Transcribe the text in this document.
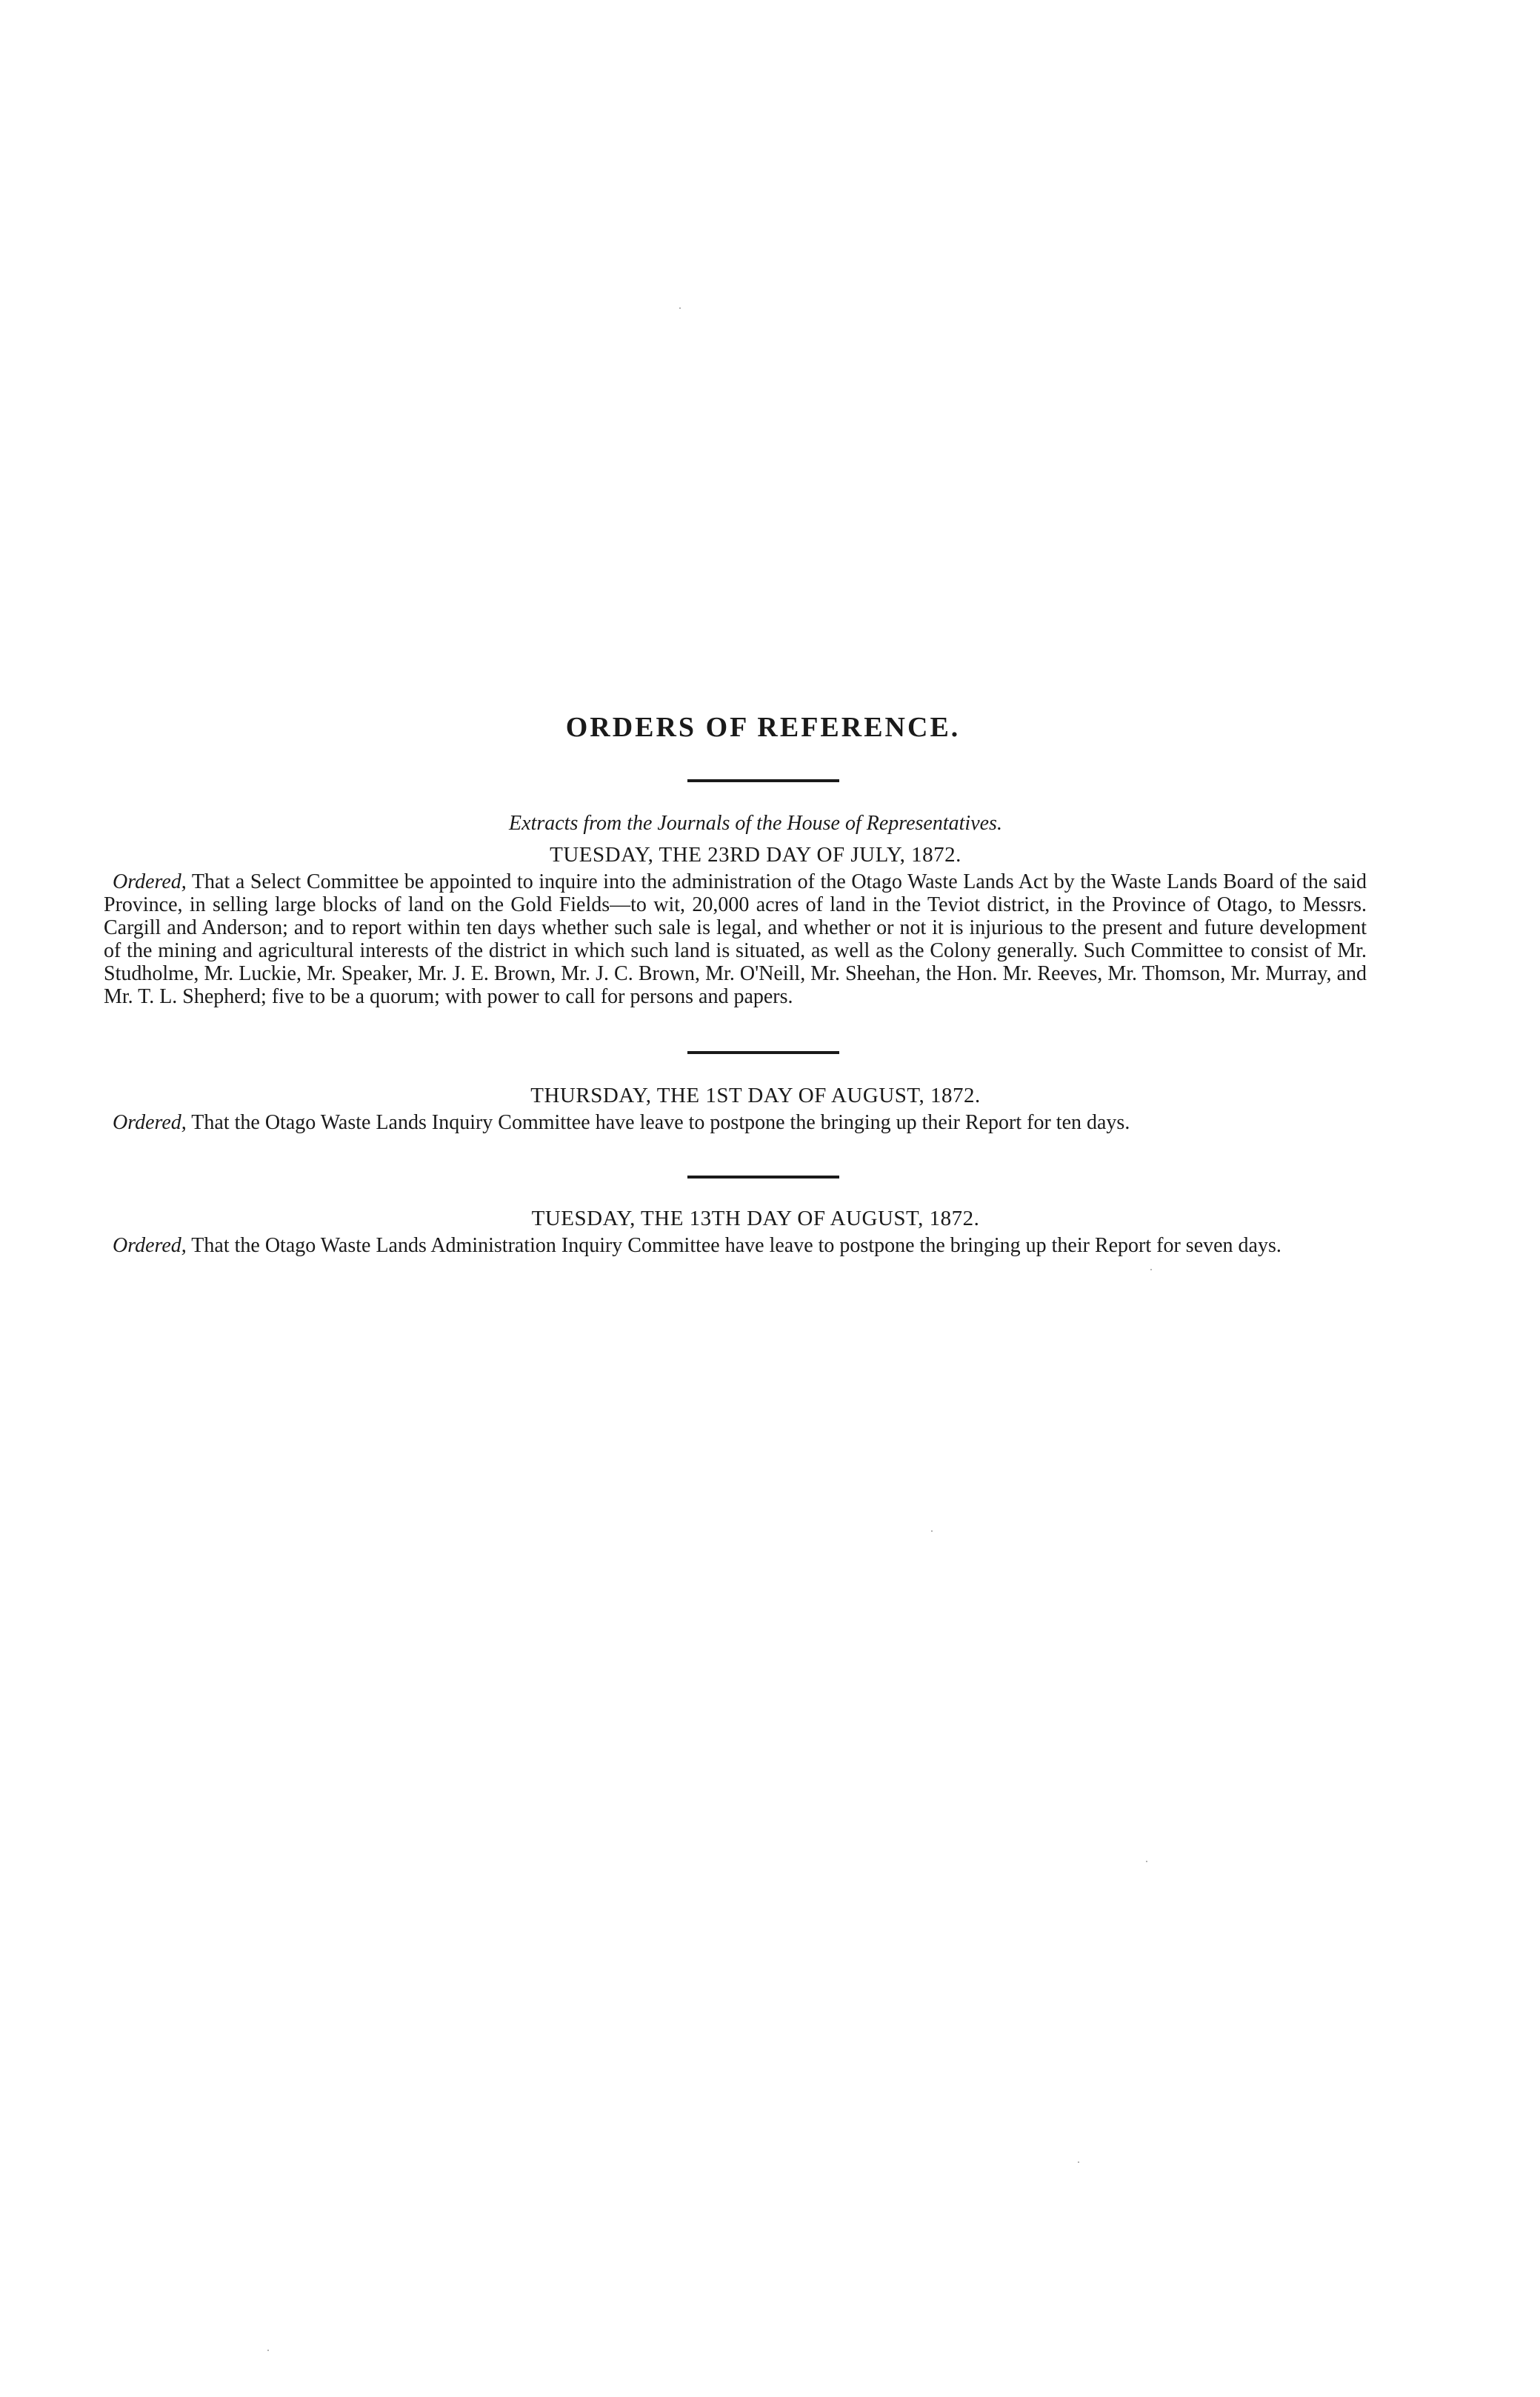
ORDERS OF REFERENCE.

Extracts from the Journals of the House of Representatives.

TUESDAY, THE 23RD DAY OF JULY, 1872.

Ordered, That a Select Committee be appointed to inquire into the administration of the Otago Waste Lands Act by the Waste Lands Board of the said Province, in selling large blocks of land on the Gold Fields—to wit, 20,000 acres of land in the Teviot district, in the Province of Otago, to Messrs. Cargill and Anderson; and to report within ten days whether such sale is legal, and whether or not it is injurious to the present and future development of the mining and agricultural interests of the district in which such land is situated, as well as the Colony generally. Such Committee to consist of Mr. Studholme, Mr. Luckie, Mr. Speaker, Mr. J. E. Brown, Mr. J. C. Brown, Mr. O'Neill, Mr. Sheehan, the Hon. Mr. Reeves, Mr. Thomson, Mr. Murray, and Mr. T. L. Shepherd; five to be a quorum; with power to call for persons and papers.

THURSDAY, THE 1ST DAY OF AUGUST, 1872.

Ordered, That the Otago Waste Lands Inquiry Committee have leave to postpone the bringing up their Report for ten days.

TUESDAY, THE 13TH DAY OF AUGUST, 1872.

Ordered, That the Otago Waste Lands Administration Inquiry Committee have leave to postpone the bringing up their Report for seven days.
